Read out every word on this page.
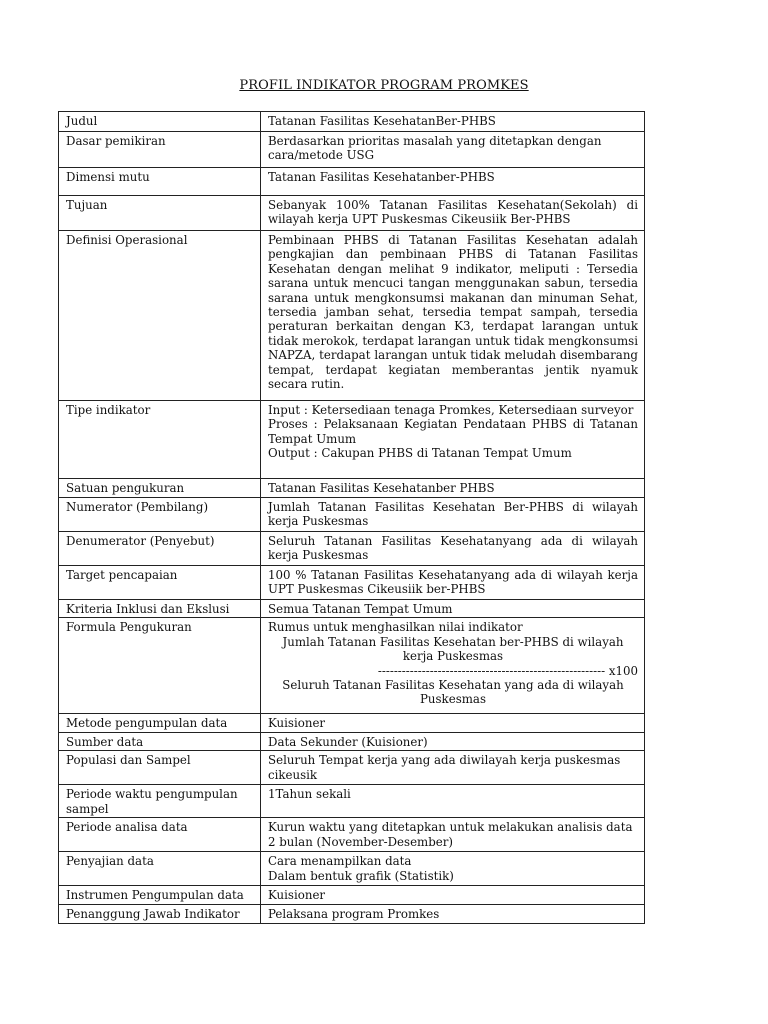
PROFIL INDIKATOR PROGRAM PROMKES
Judul	Tatanan Fasilitas KesehatanBer-PHBS
Dasar pemikiran	Berdasarkan prioritas masalah yang ditetapkan dengan cara/metode USG
Dimensi mutu	Tatanan Fasilitas Kesehatanber-PHBS
Tujuan	Sebanyak 100% Tatanan Fasilitas Kesehatan(Sekolah) di wilayah kerja UPT Puskesmas Cikeusiik Ber-PHBS
Definisi Operasional	Pembinaan PHBS di Tatanan Fasilitas Kesehatan adalah pengkajian dan pembinaan PHBS di Tatanan Fasilitas Kesehatan dengan melihat 9 indikator, meliputi : Tersedia sarana untuk mencuci tangan menggunakan sabun, tersedia sarana untuk mengkonsumsi makanan dan minuman Sehat, tersedia jamban sehat, tersedia tempat sampah, tersedia peraturan berkaitan dengan K3, terdapat larangan untuk tidak merokok, terdapat larangan untuk tidak mengkonsumsi NAPZA, terdapat larangan untuk tidak meludah disembarang tempat, terdapat kegiatan memberantas jentik nyamuk secara rutin.
Tipe indikator	Input : Ketersediaan tenaga Promkes, Ketersediaan surveyor
Proses : Pelaksanaan Kegiatan Pendataan PHBS di Tatanan Tempat Umum
Output : Cakupan PHBS di Tatanan Tempat Umum

Satuan pengukuran	Tatanan Fasilitas Kesehatanber PHBS
Numerator (Pembilang)	Jumlah Tatanan Fasilitas Kesehatan Ber-PHBS di wilayah kerja Puskesmas
Denumerator (Penyebut)	Seluruh Tatanan Fasilitas Kesehatanyang ada di wilayah kerja Puskesmas
Target pencapaian	100 % Tatanan Fasilitas Kesehatanyang ada di wilayah kerja UPT Puskesmas Cikeusiik ber-PHBS
Kriteria Inklusi dan Ekslusi	Semua Tatanan Tempat Umum
Formula Pengukuran	Rumus untuk menghasilkan nilai indikator
Jumlah Tatanan Fasilitas Kesehatan ber-PHBS di wilayah kerja Puskesmas
--------------------------------------------------------- x100
Seluruh Tatanan Fasilitas Kesehatan yang ada di wilayah Puskesmas

Metode pengumpulan data	Kuisioner
Sumber data	Data Sekunder (Kuisioner)
Populasi dan Sampel	Seluruh Tempat kerja yang ada diwilayah kerja puskesmas cikeusik
Periode waktu pengumpulan sampel	1Tahun sekali
Periode analisa data	Kurun waktu yang ditetapkan untuk melakukan analisis data 2 bulan (November-Desember)
Penyajian data	Cara menampilkan data
Dalam bentuk grafik (Statistik)

Instrumen Pengumpulan data	Kuisioner
Penanggung Jawab Indikator	Pelaksana program Promkes
